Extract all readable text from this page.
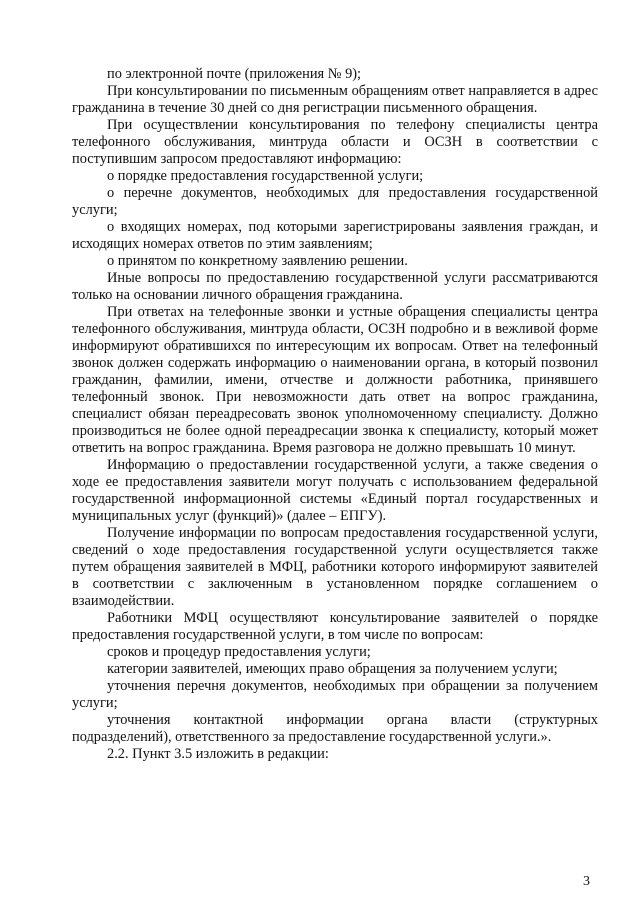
по электронной почте (приложения № 9);

При консультировании по письменным обращениям ответ направляется в адрес гражданина в течение 30 дней со дня регистрации письменного обращения.

При осуществлении консультирования по телефону специалисты центра телефонного обслуживания, минтруда области и ОСЗН в соответствии с поступившим запросом предоставляют информацию:

о порядке предоставления государственной услуги;

о перечне документов, необходимых для предоставления государственной услуги;

о входящих номерах, под которыми зарегистрированы заявления граждан, и исходящих номерах ответов по этим заявлениям;

о принятом по конкретному заявлению решении.

Иные вопросы по предоставлению государственной услуги рассматриваются только на основании личного обращения гражданина.

При ответах на телефонные звонки и устные обращения специалисты центра телефонного обслуживания, минтруда области, ОСЗН подробно и в вежливой форме информируют обратившихся по интересующим их вопросам. Ответ на телефонный звонок должен содержать информацию о наименовании органа, в который позвонил гражданин, фамилии, имени, отчестве и должности работника, принявшего телефонный звонок. При невозможности дать ответ на вопрос гражданина, специалист обязан переадресовать звонок уполномоченному специалисту. Должно производиться не более одной переадресации звонка к специалисту, который может ответить на вопрос гражданина. Время разговора не должно превышать 10 минут.

Информацию о предоставлении государственной услуги, а также сведения о ходе ее предоставления заявители могут получать с использованием федеральной государственной информационной системы «Единый портал государственных и муниципальных услуг (функций)» (далее – ЕПГУ).

Получение информации по вопросам предоставления государственной услуги, сведений о ходе предоставления государственной услуги осуществляется также путем обращения заявителей в МФЦ, работники которого информируют заявителей в соответствии с заключенным в установленном порядке соглашением о взаимодействии.

Работники МФЦ осуществляют консультирование заявителей о порядке предоставления государственной услуги, в том числе по вопросам:

сроков и процедур предоставления услуги;

категории заявителей, имеющих право обращения за получением услуги;

уточнения перечня документов, необходимых при обращении за получением услуги;

уточнения контактной информации органа власти (структурных подразделений), ответственного за предоставление государственной услуги.».

2.2. Пункт 3.5 изложить в редакции:

3
